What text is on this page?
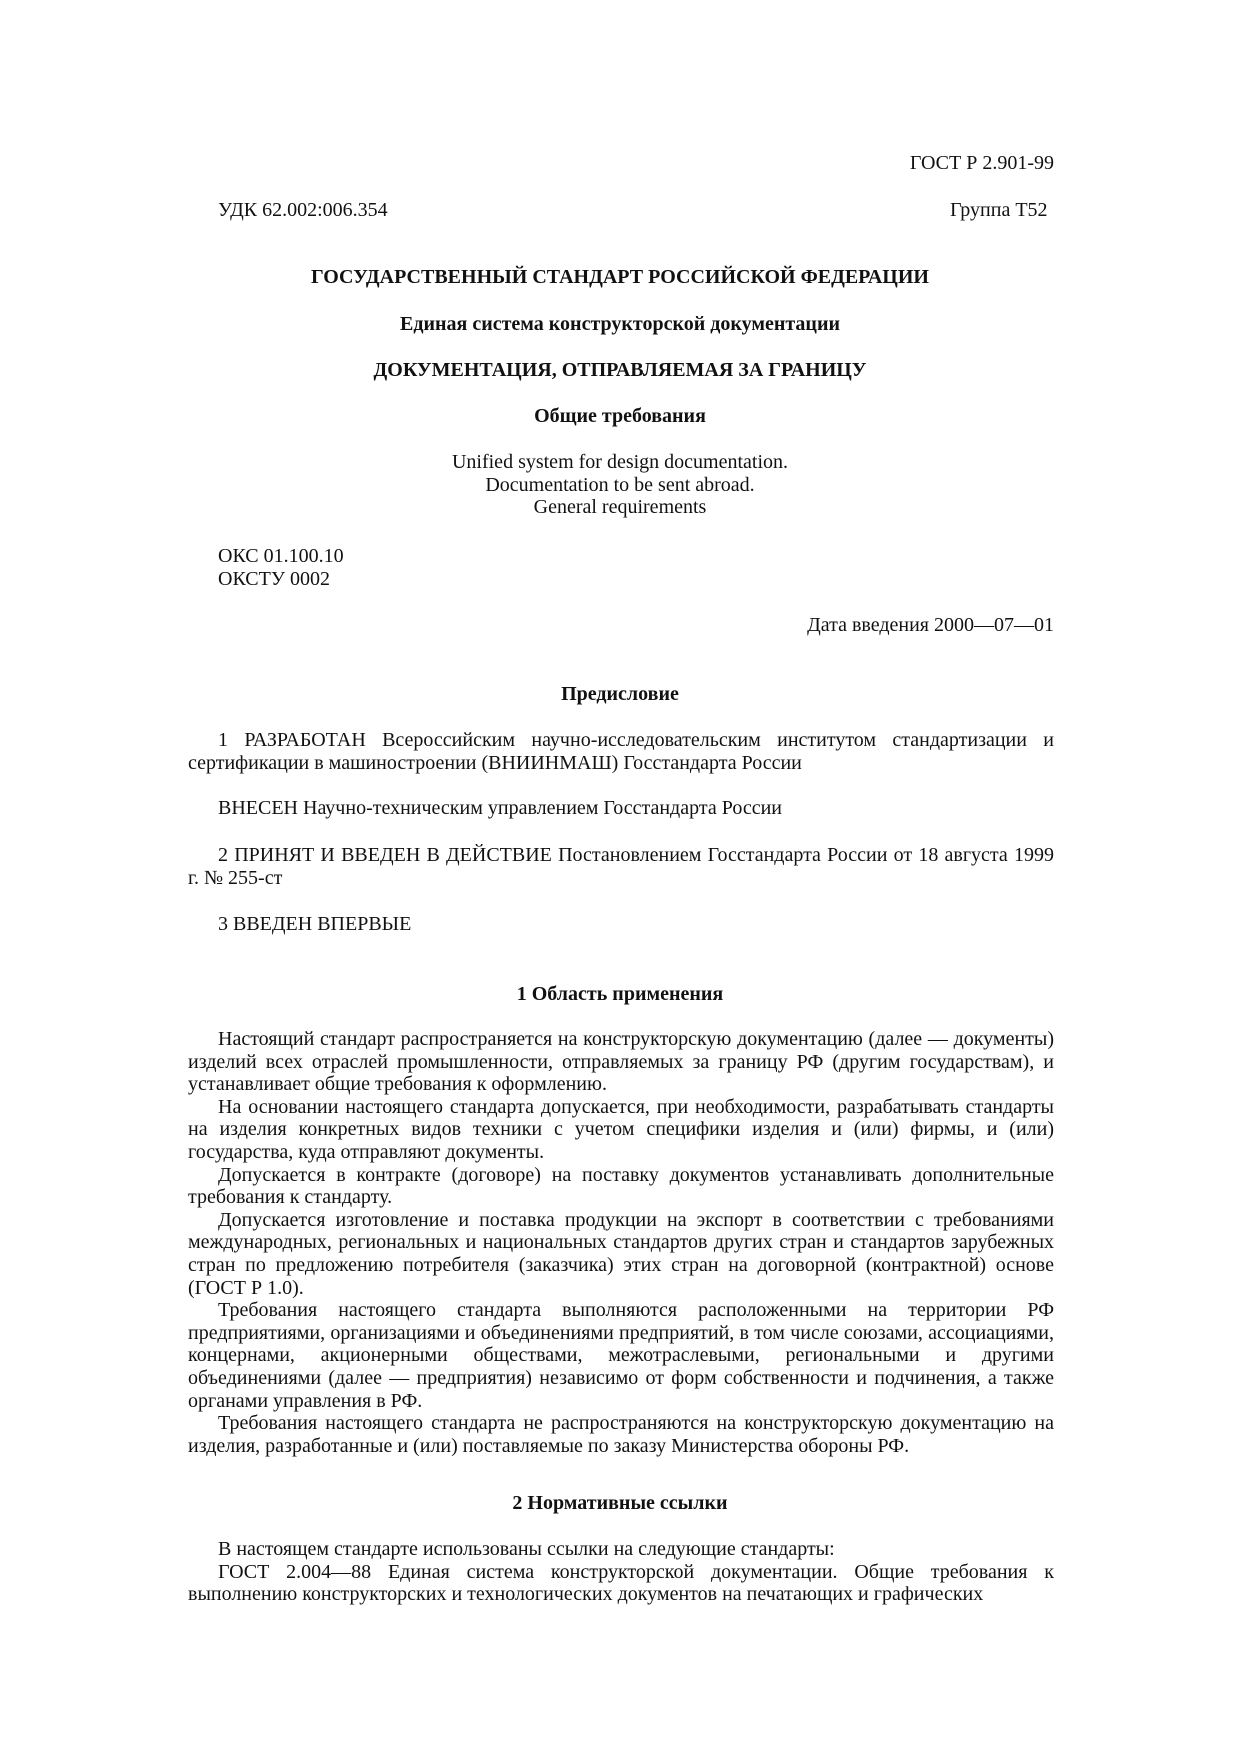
ГОСТ Р 2.901-99
УДК 62.002:006.354	Группа Т52
ГОСУДАРСТВЕННЫЙ СТАНДАРТ РОССИЙСКОЙ ФЕДЕРАЦИИ
Единая система конструкторской документации
ДОКУМЕНТАЦИЯ, ОТПРАВЛЯЕМАЯ ЗА ГРАНИЦУ
Общие требования
Unified system for design documentation.
Documentation to be sent abroad.
General requirements
ОКС 01.100.10
ОКСТУ 0002
Дата введения 2000—07—01
Предисловие

1 РАЗРАБОТАН Всероссийским научно-исследовательским институтом стандартизации и сертификации в машиностроении (ВНИИНМАШ) Госстандарта России

ВНЕСЕН Научно-техническим управлением Госстандарта России

2 ПРИНЯТ И ВВЕДЕН В ДЕЙСТВИЕ Постановлением Госстандарта России от 18 августа 1999 г. № 255-ст

3 ВВЕДЕН ВПЕРВЫЕ

1 Область применения

Настоящий стандарт распространяется на конструкторскую документацию (далее — документы) изделий всех отраслей промышленности, отправляемых за границу РФ (другим государствам), и устанавливает общие требования к оформлению.

На основании настоящего стандарта допускается, при необходимости, разрабатывать стандарты на изделия конкретных видов техники с учетом специфики изделия и (или) фирмы, и (или) государства, куда отправляют документы.

Допускается в контракте (договоре) на поставку документов устанавливать дополнительные требования к стандарту.

Допускается изготовление и поставка продукции на экспорт в соответствии с требованиями международных, региональных и национальных стандартов других стран и стандартов зарубежных стран по предложению потребителя (заказчика) этих стран на договорной (контрактной) основе (ГОСТ Р 1.0).

Требования настоящего стандарта выполняются расположенными на территории РФ предприятиями, организациями и объединениями предприятий, в том числе союзами, ассоциациями, концернами, акционерными обществами, межотраслевыми, региональными и другими объединениями (далее — предприятия) независимо от форм собственности и подчинения, а также органами управления в РФ.

Требования настоящего стандарта не распространяются на конструкторскую документацию на изделия, разработанные и (или) поставляемые по заказу Министерства обороны РФ.

2 Нормативные ссылки

В настоящем стандарте использованы ссылки на следующие стандарты:

ГОСТ 2.004—88 Единая система конструкторской документации. Общие требования к выполнению конструкторских и технологических документов на печатающих и графических
